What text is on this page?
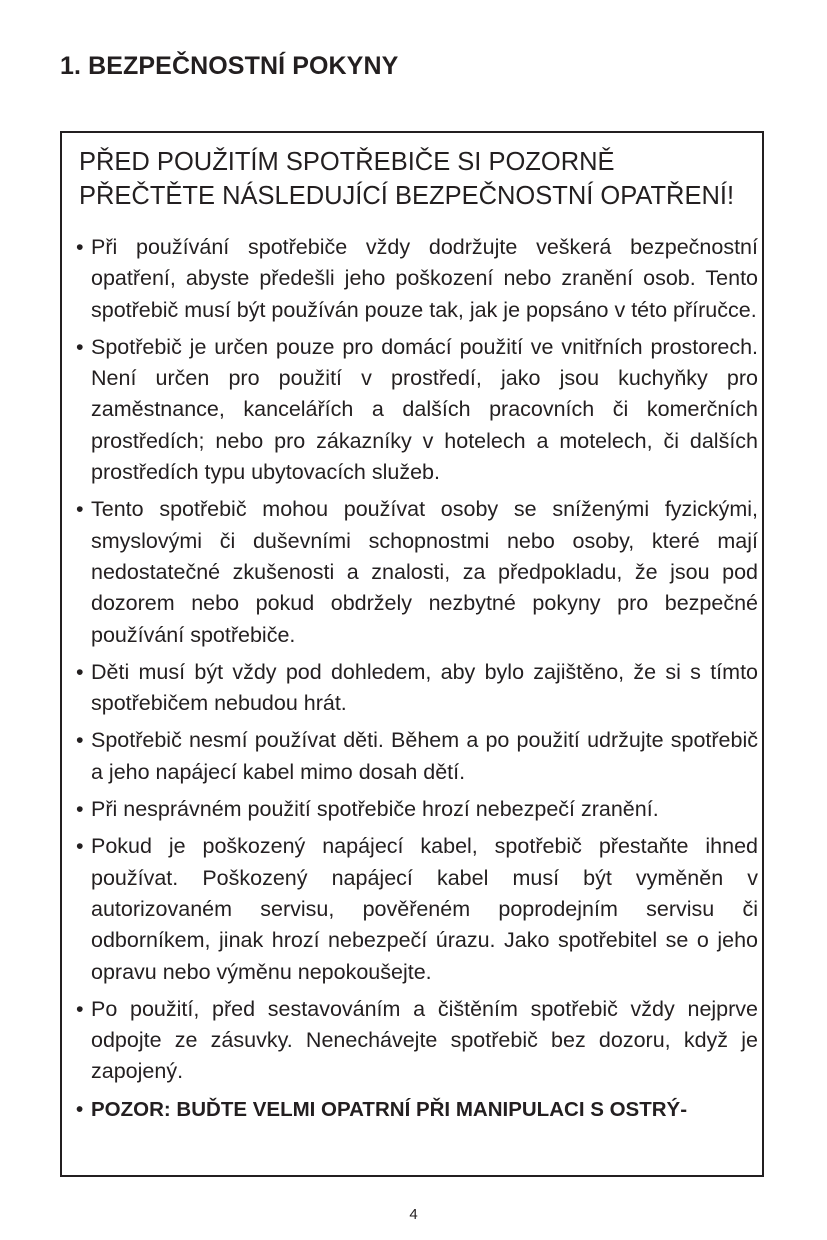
1. BEZPEČNOSTNÍ POKYNY
PŘED POUŽITÍM SPOTŘEBIČE SI POZORNĚ PŘEČTĚTE NÁSLEDUJÍCÍ BEZPEČNOSTNÍ OPATŘENÍ!
• Při používání spotřebiče vždy dodržujte veškerá bezpečnostní opatření, abyste předešli jeho poškození nebo zranění osob. Tento spotřebič musí být používán pouze tak, jak je popsáno v této příručce.
• Spotřebič je určen pouze pro domácí použití ve vnitřních prostorech. Není určen pro použití v prostředí, jako jsou kuchyňky pro zaměstnance, kancelářích a dalších pracovních či komerčních prostředích; nebo pro zákazníky v hotelech a motelech, či dalších prostředích typu ubytovacích služeb.
• Tento spotřebič mohou používat osoby se sníženými fyzickými, smyslovými či duševními schopnostmi nebo osoby, které mají nedostatečné zkušenosti a znalosti, za předpokladu, že jsou pod dozorem nebo pokud obdržely nezbytné pokyny pro bezpečné používání spotřebiče.
• Děti musí být vždy pod dohledem, aby bylo zajištěno, že si s tímto spotřebičem nebudou hrát.
• Spotřebič nesmí používat děti. Během a po použití udržujte spotřebič a jeho napájecí kabel mimo dosah dětí.
• Při nesprávném použití spotřebiče hrozí nebezpečí zranění.
• Pokud je poškozený napájecí kabel, spotřebič přestaňte ihned používat. Poškozený napájecí kabel musí být vyměněn v autorizovaném servisu, pověřeném poprodejním servisu či odborníkem, jinak hrozí nebezpečí úrazu. Jako spotřebitel se o jeho opravu nebo výměnu nepokoušejte.
• Po použití, před sestavováním a čištěním spotřebič vždy nejprve odpojte ze zásuvky. Nenechávejte spotřebič bez dozoru, když je zapojený.
• POZOR: BUĎTE VELMI OPATRNÍ PŘI MANIPULACI S OSTRÝ-
4
